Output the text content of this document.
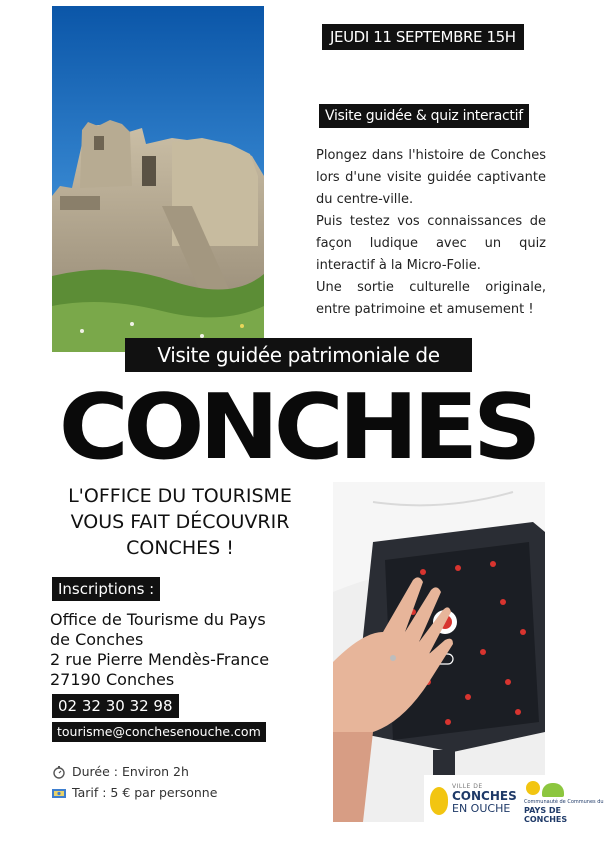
JEUDI 11 SEPTEMBRE 15H
Visite guidée & quiz interactif

Plongez dans l'histoire de Conches lors d'une visite guidée captivante du centre-ville.

Puis testez vos connaissances de façon ludique avec un quiz interactif à la Micro-Folie.

Une sortie culturelle originale, entre patrimoine et amusement !

Visite guidée patrimoniale de
CONCHES
L'OFFICE DU TOURISME
VOUS FAIT DÉCOUVRIR
CONCHES !
Inscriptions :
Office de Tourisme du Pays
de Conches
2 rue Pierre Mendès-France
27190 Conches
02 32 30 32 98
tourisme@conchesenouche.com
Durée : Environ 2h
Tarif : 5 € par personne	VILLE DE
CONCHES
EN OUCHE	Communauté de Communes du
PAYS DE
CONCHES
